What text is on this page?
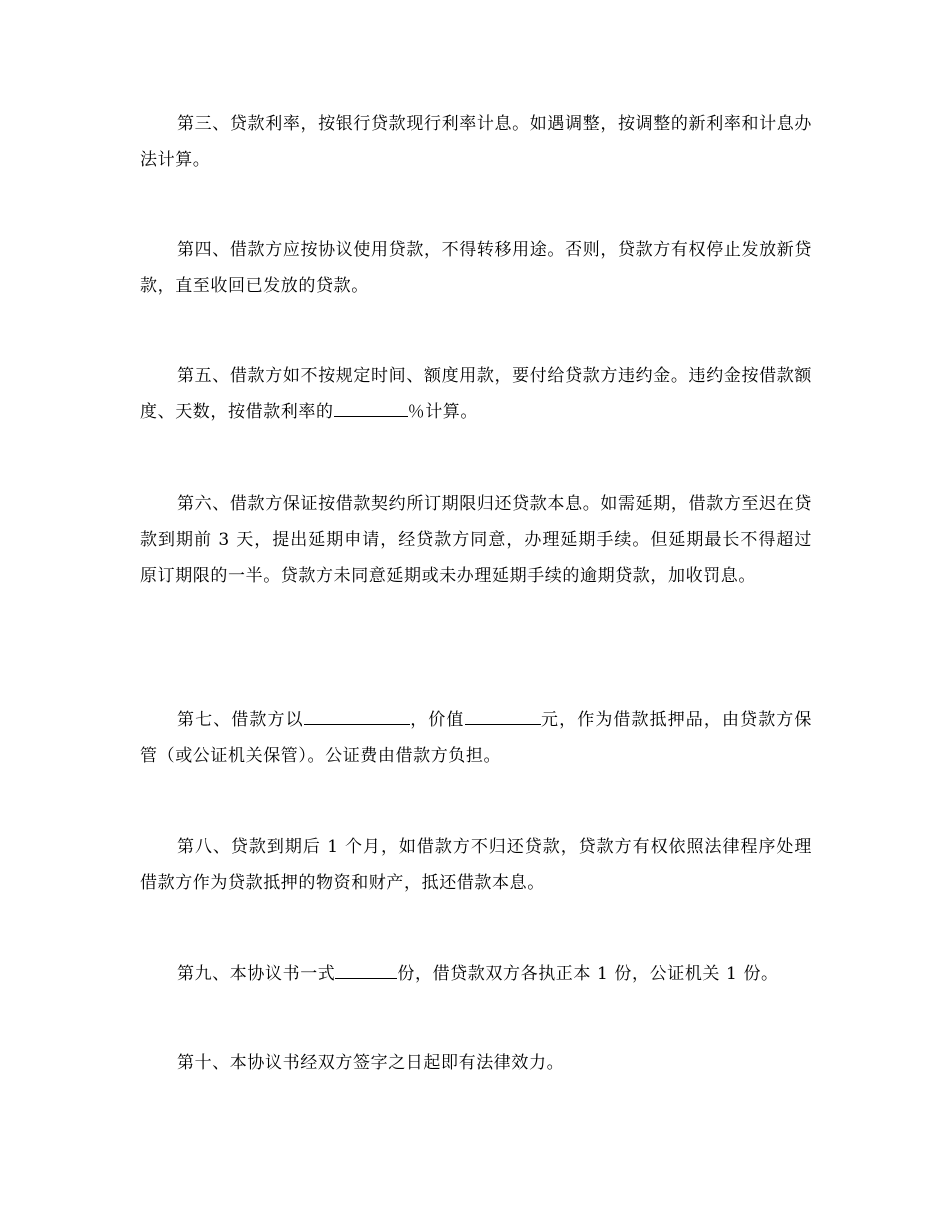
第三、贷款利率，按银行贷款现行利率计息。如遇调整，按调整的新利率和计息办法计算。

第四、借款方应按协议使用贷款，不得转移用途。否则，贷款方有权停止发放新贷款，直至收回已发放的贷款。

第五、借款方如不按规定时间、额度用款，要付给贷款方违约金。违约金按借款额度、天数，按借款利率的	％计算。

第六、借款方保证按借款契约所订期限归还贷款本息。如需延期，借款方至迟在贷款到期前 3 天，提出延期申请，经贷款方同意，办理延期手续。但延期最长不得超过原订期限的一半。贷款方未同意延期或未办理延期手续的逾期贷款，加收罚息。

第七、借款方以	，价值	元，作为借款抵押品，由贷款方保管（或公证机关保管）。公证费由借款方负担。

第八、贷款到期后 1 个月，如借款方不归还贷款，贷款方有权依照法律程序处理借款方作为贷款抵押的物资和财产，抵还借款本息。

第九、本协议书一式	份，借贷款双方各执正本 1 份，公证机关 1 份。

第十、本协议书经双方签字之日起即有法律效力。
